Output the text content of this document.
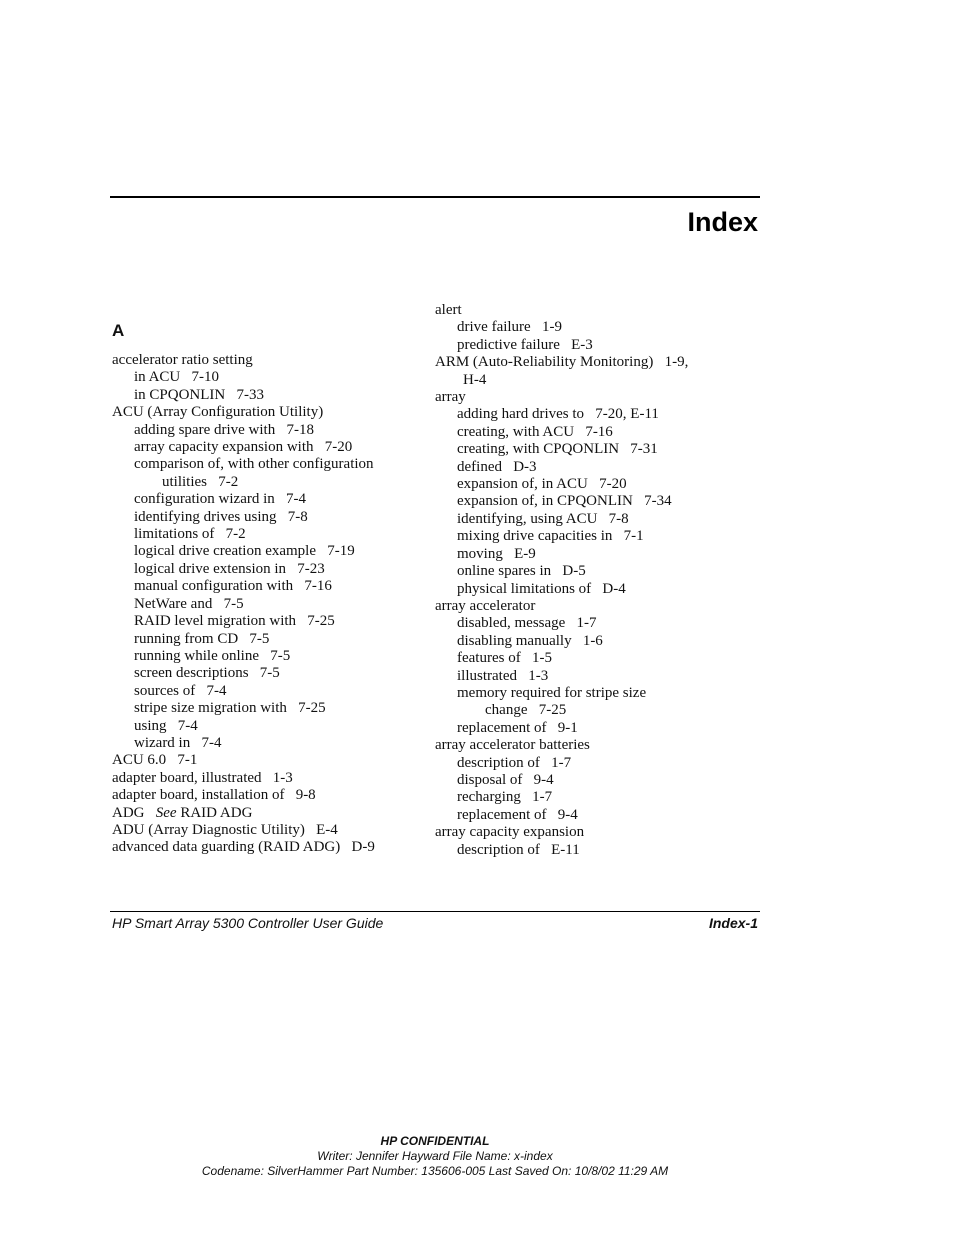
Index
A
accelerator ratio setting
in ACU   7-10
in CPQONLIN   7-33
ACU (Array Configuration Utility)
adding spare drive with   7-18
array capacity expansion with   7-20
comparison of, with other configuration
utilities   7-2
configuration wizard in   7-4
identifying drives using   7-8
limitations of   7-2
logical drive creation example   7-19
logical drive extension in   7-23
manual configuration with   7-16
NetWare and   7-5
RAID level migration with   7-25
running from CD   7-5
running while online   7-5
screen descriptions   7-5
sources of   7-4
stripe size migration with   7-25
using   7-4
wizard in   7-4
ACU 6.0   7-1
adapter board, illustrated   1-3
adapter board, installation of   9-8
ADG   See RAID ADG
ADU (Array Diagnostic Utility)   E-4
advanced data guarding (RAID ADG)   D-9
alert
drive failure   1-9
predictive failure   E-3
ARM (Auto-Reliability Monitoring)   1-9,
H-4
array
adding hard drives to   7-20, E-11
creating, with ACU   7-16
creating, with CPQONLIN   7-31
defined   D-3
expansion of, in ACU   7-20
expansion of, in CPQONLIN   7-34
identifying, using ACU   7-8
mixing drive capacities in   7-1
moving   E-9
online spares in   D-5
physical limitations of   D-4
array accelerator
disabled, message   1-7
disabling manually   1-6
features of   1-5
illustrated   1-3
memory required for stripe size
change   7-25
replacement of   9-1
array accelerator batteries
description of   1-7
disposal of   9-4
recharging   1-7
replacement of   9-4
array capacity expansion
description of   E-11
HP Smart Array 5300 Controller User Guide	Index-1
HP CONFIDENTIAL
Writer: Jennifer Hayward File Name: x-index
Codename: SilverHammer Part Number: 135606-005 Last Saved On: 10/8/02 11:29 AM
